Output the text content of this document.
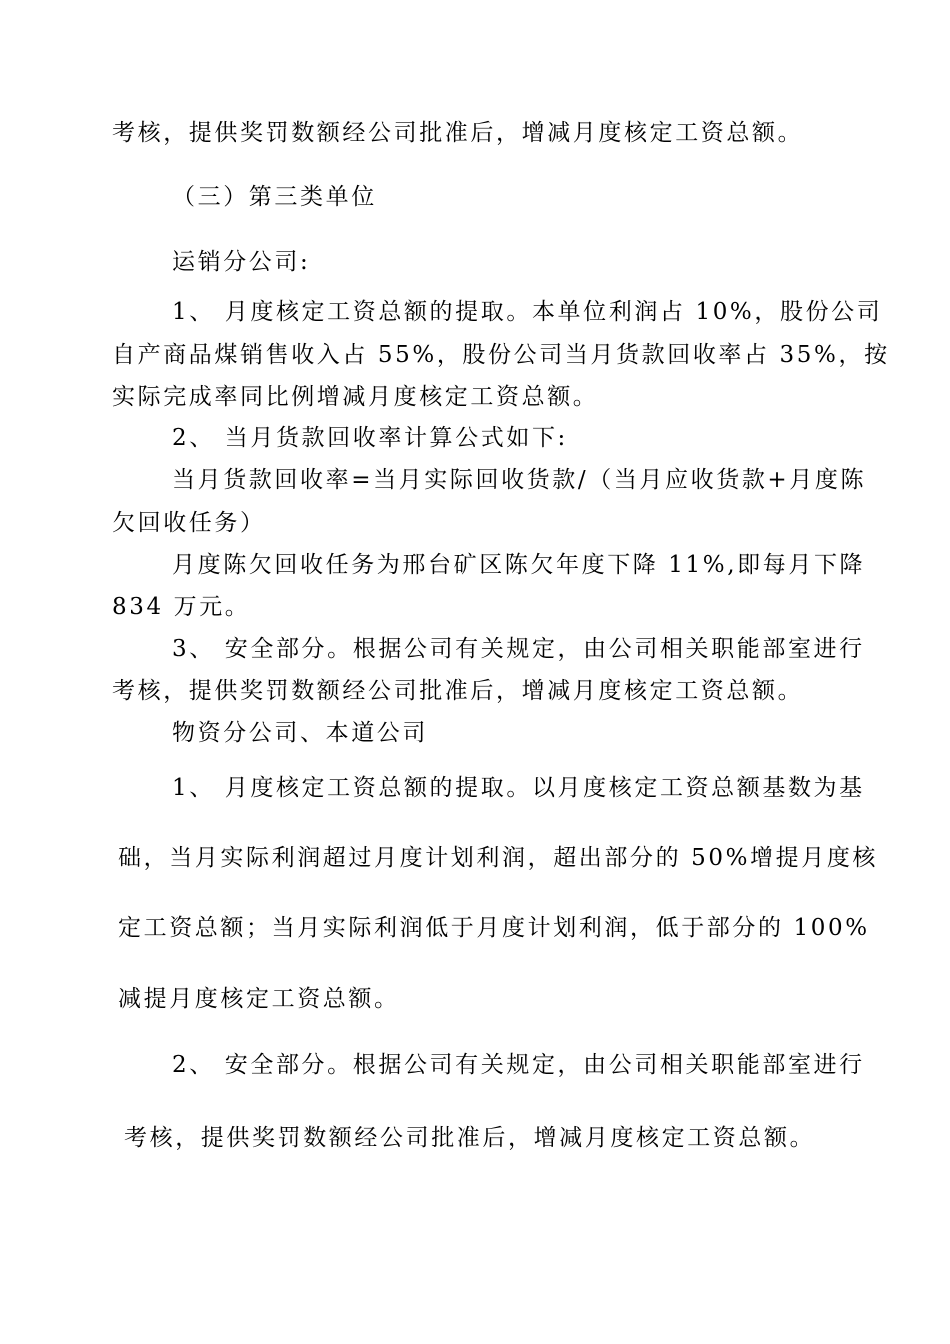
考核，提供奖罚数额经公司批准后，增减月度核定工资总额。
（三）第三类单位
运销分公司:
1、 月度核定工资总额的提取。本单位利润占 10%，股份公司
自产商品煤销售收入占 55%，股份公司当月货款回收率占 35%，按
实际完成率同比例增减月度核定工资总额。
2、 当月货款回收率计算公式如下:
当月货款回收率=当月实际回收货款/（当月应收货款+月度陈
欠回收任务）
月度陈欠回收任务为邢台矿区陈欠年度下降 11%,即每月下降
834 万元。
3、 安全部分。根据公司有关规定，由公司相关职能部室进行
考核，提供奖罚数额经公司批准后，增减月度核定工资总额。
物资分公司、本道公司
1、 月度核定工资总额的提取。以月度核定工资总额基数为基
础，当月实际利润超过月度计划利润，超出部分的 50%增提月度核
定工资总额；当月实际利润低于月度计划利润，低于部分的 100%
减提月度核定工资总额。
2、 安全部分。根据公司有关规定，由公司相关职能部室进行
考核，提供奖罚数额经公司批准后，增减月度核定工资总额。
